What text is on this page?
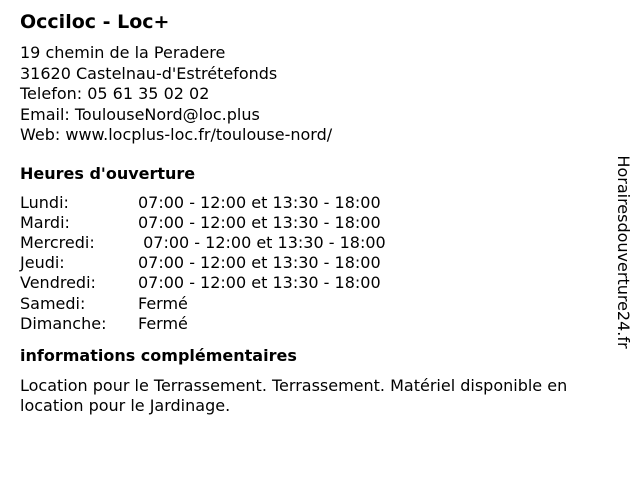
Occiloc - Loc+
19 chemin de la Peradere
31620 Castelnau-d'Estrétefonds
Telefon: 05 61 35 02 02
Email: ToulouseNord@loc.plus
Web: www.locplus-loc.fr/toulouse-nord/
Heures d'ouverture
Lundi:	07:00 - 12:00 et 13:30 - 18:00
Mardi:	07:00 - 12:00 et 13:30 - 18:00
Mercredi:	07:00 - 12:00 et 13:30 - 18:00
Jeudi:	07:00 - 12:00 et 13:30 - 18:00
Vendredi:	07:00 - 12:00 et 13:30 - 18:00
Samedi:	Fermé
Dimanche:	Fermé
informations complémentaires
Location pour le Terrassement. Terrassement. Matériel disponible en location pour le Jardinage.
Horairesdouverture24.fr
